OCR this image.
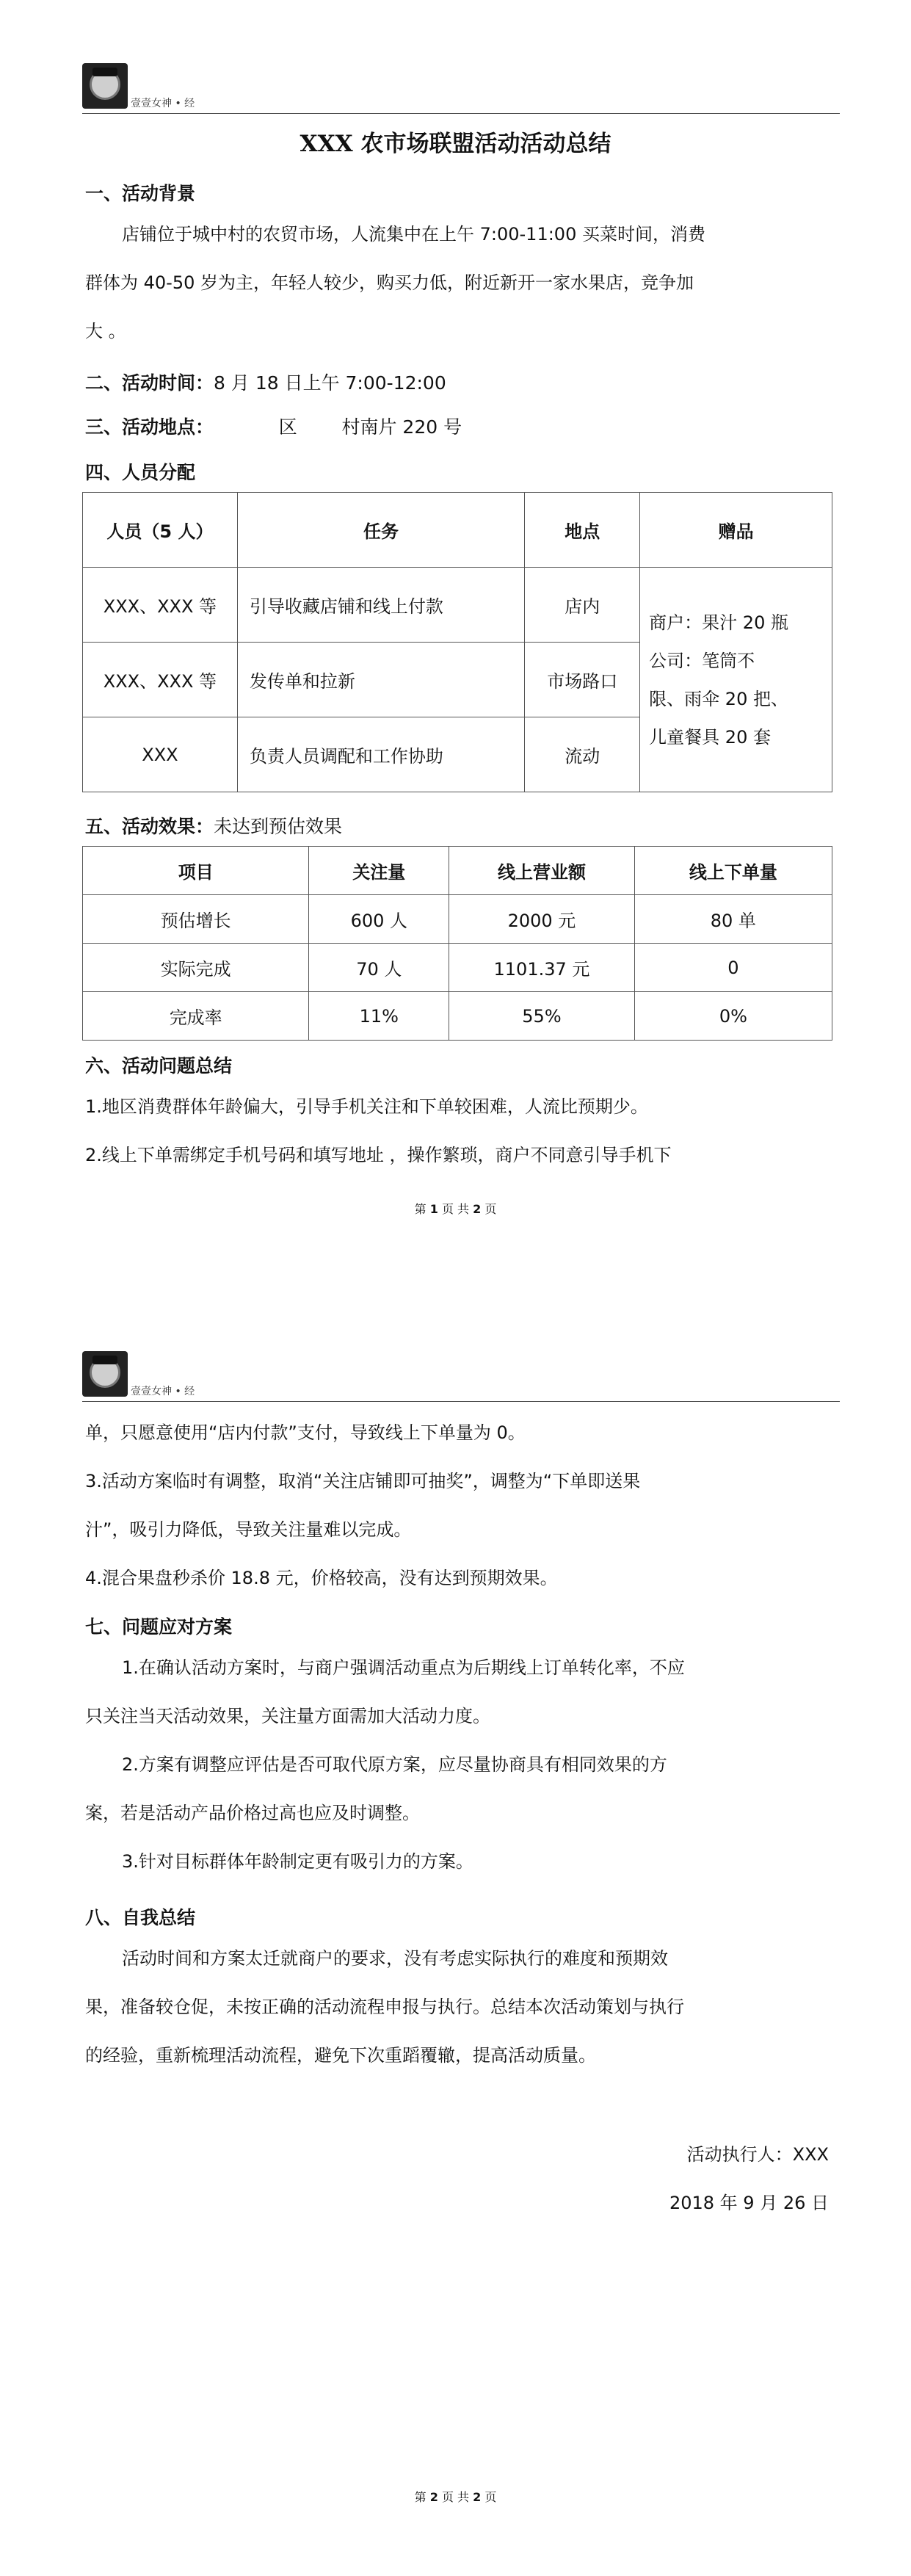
壹壹女神 • 经
XXX 农市场联盟活动活动总结
一、活动背景
店铺位于城中村的农贸市场，人流集中在上午 7:00-11:00 买菜时间，消费
群体为 40-50 岁为主，年轻人较少，购买力低，附近新开一家水果店，竞争加
大 。
二、活动时间：8 月 18 日上午 7:00-12:00
三、活动地点：	区 村南片 220 号
四、人员分配
人员（5 人）	任务	地点	赠品
XXX、XXX 等	引导收藏店铺和线上付款	店内	商户：果汁 20 瓶
公司：笔筒不
限、雨伞 20 把、
儿童餐具 20 套

XXX、XXX 等	发传单和拉新	市场路口	
XXX	负责人员调配和工作协助	流动	
五、活动效果：未达到预估效果
项目	关注量	线上营业额	线上下单量
预估增长	600 人	2000 元	80 单
实际完成	70 人	1101.37 元	0
完成率	11%	55%	0%
六、活动问题总结
1.地区消费群体年龄偏大，引导手机关注和下单较困难，人流比预期少。
2.线上下单需绑定手机号码和填写地址 ，操作繁琐，商户不同意引导手机下
第 1 页 共 2 页
壹壹女神 • 经
单，只愿意使用“店内付款”支付，导致线上下单量为 0。
3.活动方案临时有调整，取消“关注店铺即可抽奖”，调整为“下单即送果
汁”，吸引力降低，导致关注量难以完成。
4.混合果盘秒杀价 18.8 元，价格较高，没有达到预期效果。
七、问题应对方案
1.在确认活动方案时，与商户强调活动重点为后期线上订单转化率，不应
只关注当天活动效果，关注量方面需加大活动力度。
2.方案有调整应评估是否可取代原方案，应尽量协商具有相同效果的方
案，若是活动产品价格过高也应及时调整。
3.针对目标群体年龄制定更有吸引力的方案。
八、自我总结
活动时间和方案太迁就商户的要求，没有考虑实际执行的难度和预期效
果，准备较仓促，未按正确的活动流程申报与执行。总结本次活动策划与执行
的经验，重新梳理活动流程，避免下次重蹈覆辙，提高活动质量。
活动执行人：XXX
2018 年 9 月 26 日
第 2 页 共 2 页
